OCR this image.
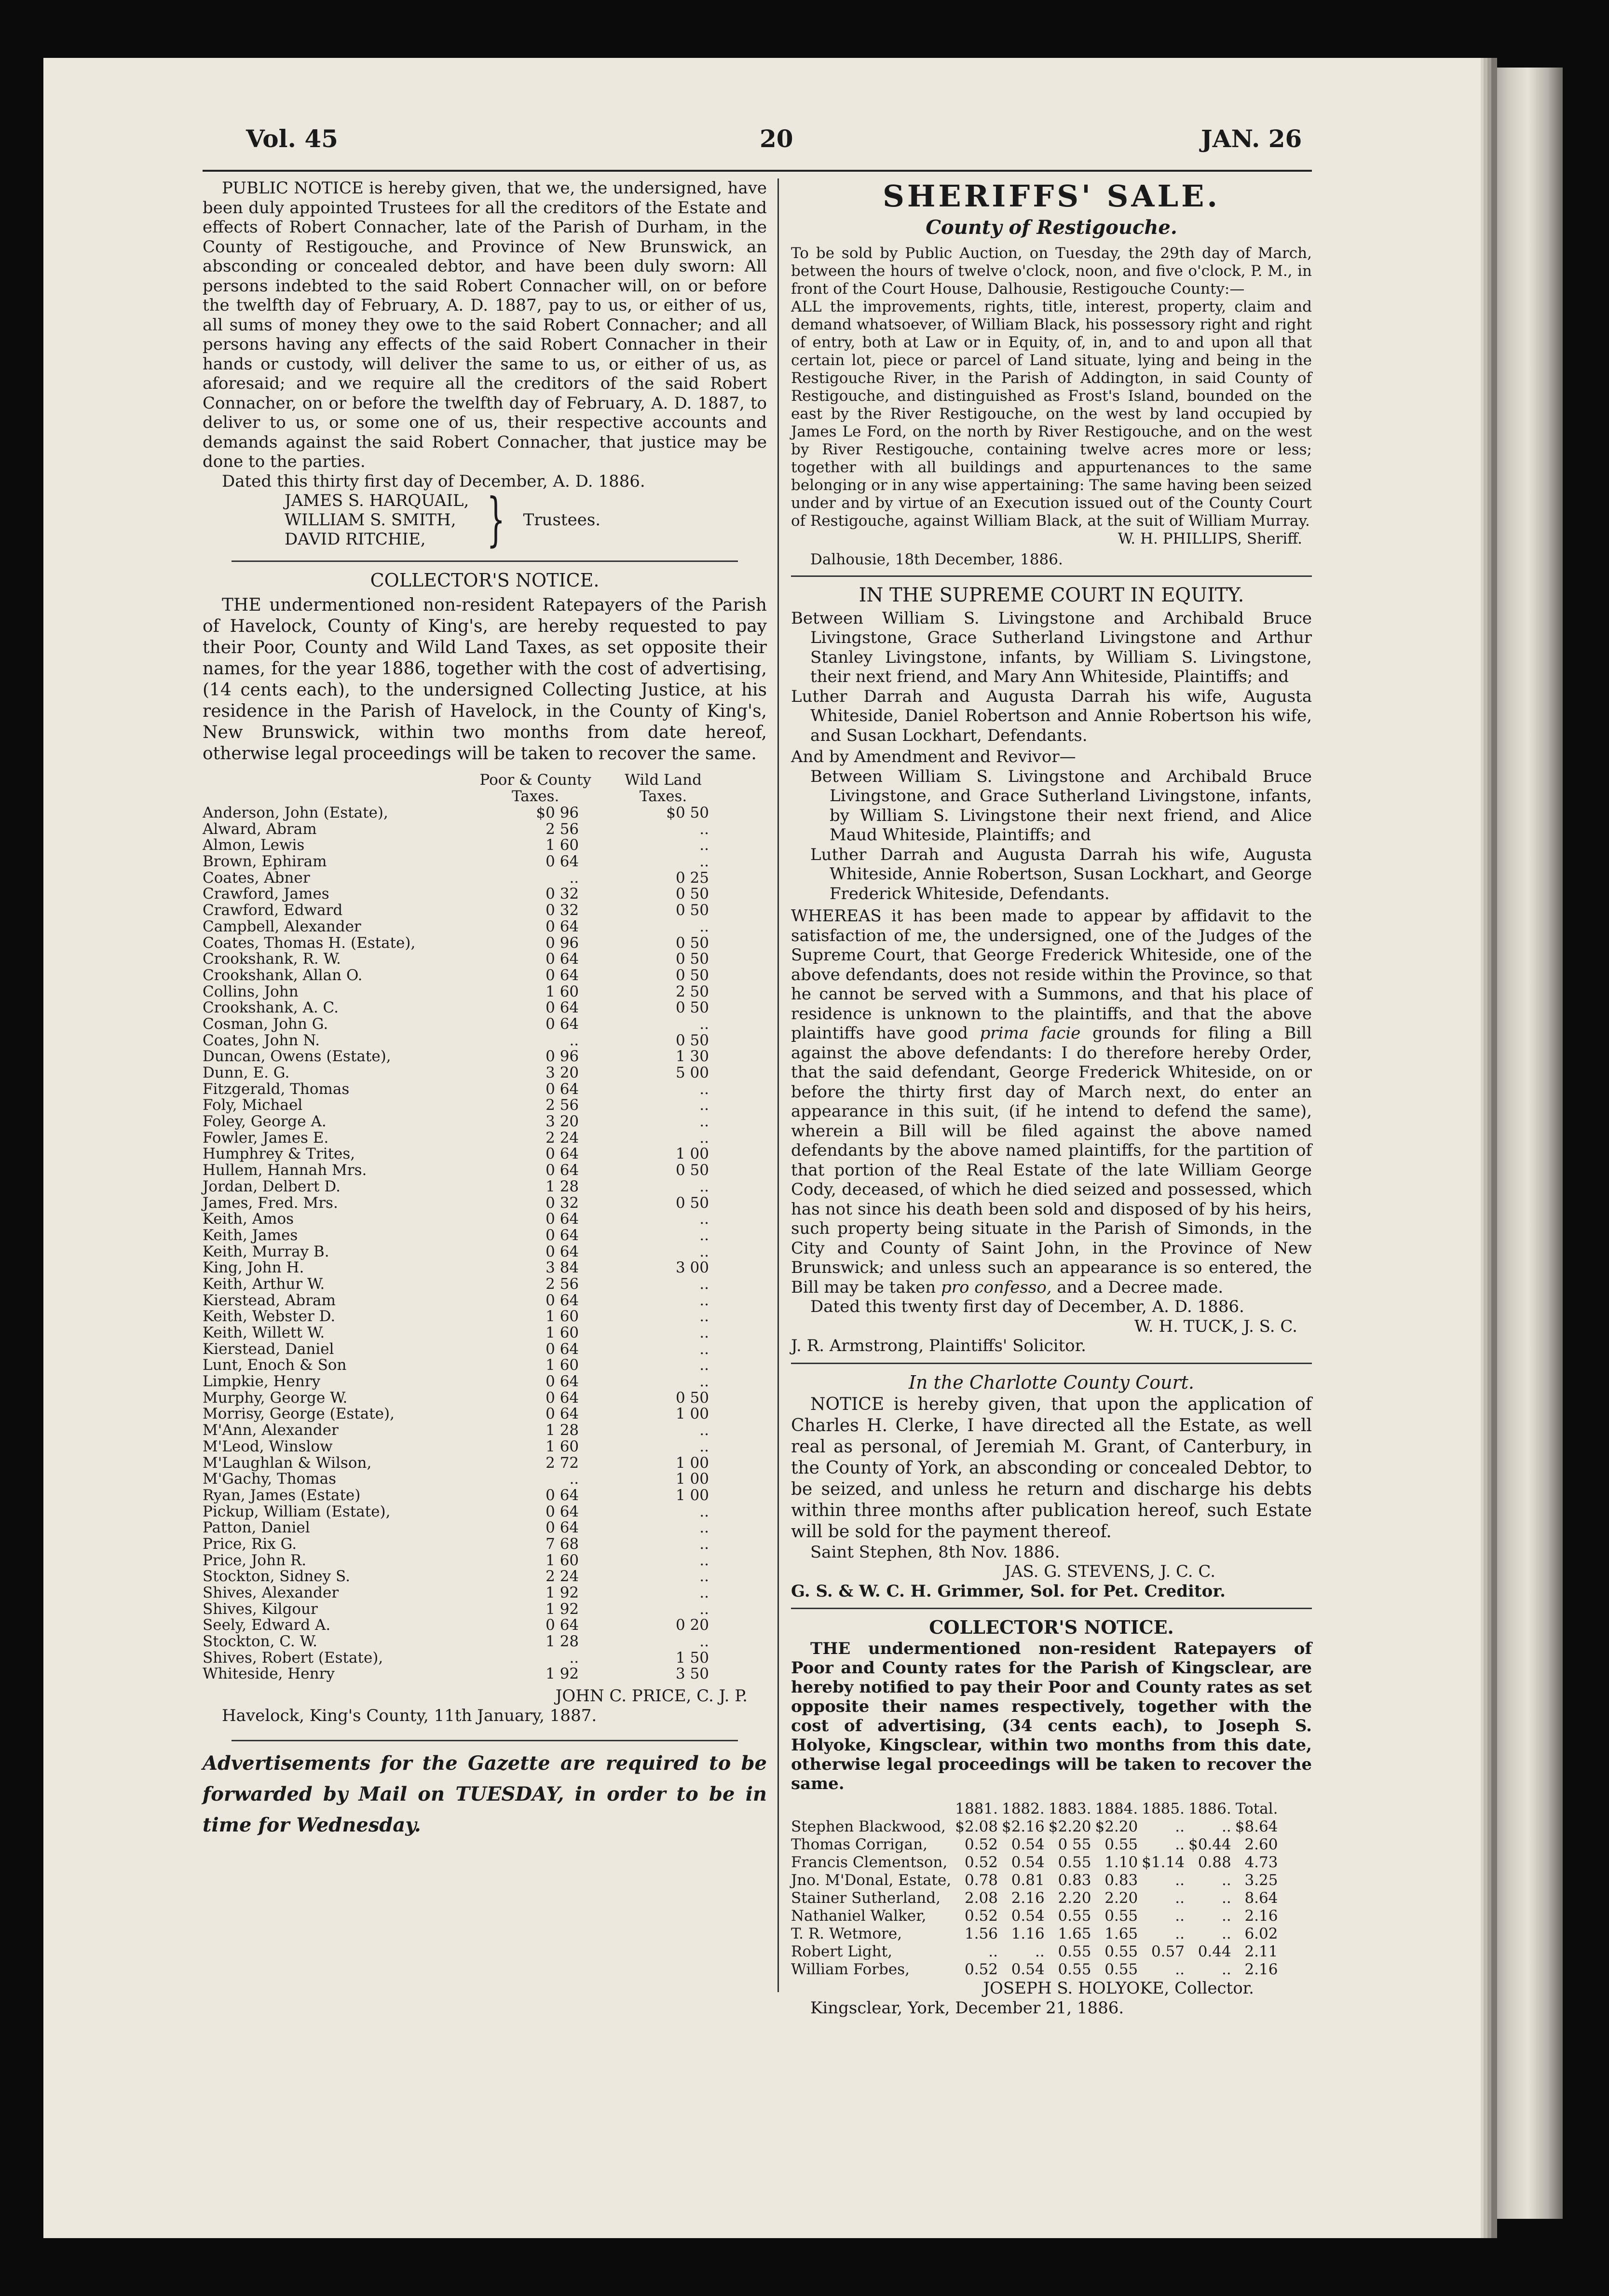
Vol. 45	20	JAN. 26

PUBLIC NOTICE is hereby given, that we, the undersigned, have been duly appointed Trustees for all the creditors of the Estate and effects of Robert Connacher, late of the Parish of Durham, in the County of Restigouche, and Province of New Brunswick, an absconding or concealed debtor, and have been duly sworn: All persons indebted to the said Robert Connacher will, on or before the twelfth day of February, A. D. 1887, pay to us, or either of us, all sums of money they owe to the said Robert Connacher; and all persons having any effects of the said Robert Connacher in their hands or custody, will deliver the same to us, or either of us, as aforesaid; and we require all the creditors of the said Robert Connacher, on or before the twelfth day of February, A. D. 1887, to deliver to us, or some one of us, their respective accounts and demands against the said Robert Connacher, that justice may be done to the parties.

Dated this thirty first day of December, A. D. 1886.

JAMES S. HARQUAIL,
WILLIAM S. SMITH,
DAVID RITCHIE,	} Trustees.
COLLECTOR'S NOTICE.

THE undermentioned non-resident Ratepayers of the Parish of Havelock, County of King's, are hereby requested to pay their Poor, County and Wild Land Taxes, as set opposite their names, for the year 1886, together with the cost of advertising, (14 cents each), to the undersigned Collecting Justice, at his residence in the Parish of Havelock, in the County of King's, New Brunswick, within two months from date hereof, otherwise legal proceedings will be taken to recover the same.

	Poor & County Taxes.	Wild Land Taxes.
Anderson, John (Estate),	$0 96	$0 50
Alward, Abram	2 56	..
Almon, Lewis	1 60	..
Brown, Ephiram	0 64	..
Coates, Abner	..	0 25
Crawford, James	0 32	0 50
Crawford, Edward	0 32	0 50
Campbell, Alexander	0 64	..
Coates, Thomas H. (Estate),	0 96	0 50
Crookshank, R. W.	0 64	0 50
Crookshank, Allan O.	0 64	0 50
Collins, John	1 60	2 50
Crookshank, A. C.	0 64	0 50
Cosman, John G.	0 64	..
Coates, John N.	..	0 50
Duncan, Owens (Estate),	0 96	1 30
Dunn, E. G.	3 20	5 00
Fitzgerald, Thomas	0 64	..
Foly, Michael	2 56	..
Foley, George A.	3 20	..
Fowler, James E.	2 24	..
Humphrey & Trites,	0 64	1 00
Hullem, Hannah Mrs.	0 64	0 50
Jordan, Delbert D.	1 28	..
James, Fred. Mrs.	0 32	0 50
Keith, Amos	0 64	..
Keith, James	0 64	..
Keith, Murray B.	0 64	..
King, John H.	3 84	3 00
Keith, Arthur W.	2 56	..
Kierstead, Abram	0 64	..
Keith, Webster D.	1 60	..
Keith, Willett W.	1 60	..
Kierstead, Daniel	0 64	..
Lunt, Enoch & Son	1 60	..
Limpkie, Henry	0 64	..
Murphy, George W.	0 64	0 50
Morrisy, George (Estate),	0 64	1 00
M'Ann, Alexander	1 28	..
M'Leod, Winslow	1 60	..
M'Laughlan & Wilson,	2 72	1 00
M'Gachy, Thomas	..	1 00
Ryan, James (Estate)	0 64	1 00
Pickup, William (Estate),	0 64	..
Patton, Daniel	0 64	..
Price, Rix G.	7 68	..
Price, John R.	1 60	..
Stockton, Sidney S.	2 24	..
Shives, Alexander	1 92	..
Shives, Kilgour	1 92	..
Seely, Edward A.	0 64	0 20
Stockton, C. W.	1 28	..
Shives, Robert (Estate),	..	1 50
Whiteside, Henry	1 92	3 50
JOHN C. PRICE, C. J. P.

Havelock, King's County, 11th January, 1887.

Advertisements for the Gazette are required to be forwarded by Mail on TUESDAY, in order to be in time for Wednesday.

SHERIFFS' SALE.
County of Restigouche.

To be sold by Public Auction, on Tuesday, the 29th day of March, between the hours of twelve o'clock, noon, and five o'clock, P. M., in front of the Court House, Dalhousie, Restigouche County:—

ALL the improvements, rights, title, interest, property, claim and demand whatsoever, of William Black, his possessory right and right of entry, both at Law or in Equity, of, in, and to and upon all that certain lot, piece or parcel of Land situate, lying and being in the Restigouche River, in the Parish of Addington, in said County of Restigouche, and distinguished as Frost's Island, bounded on the east by the River Restigouche, on the west by land occupied by James Le Ford, on the north by River Restigouche, and on the west by River Restigouche, containing twelve acres more or less; together with all buildings and appurtenances to the same belonging or in any wise appertaining: The same having been seized under and by virtue of an Execution issued out of the County Court of Restigouche, against William Black, at the suit of William Murray.

W. H. PHILLIPS, Sheriff.

Dalhousie, 18th December, 1886.

IN THE SUPREME COURT IN EQUITY.

Between William S. Livingstone and Archibald Bruce Livingstone, Grace Sutherland Livingstone and Arthur Stanley Livingstone, infants, by William S. Livingstone, their next friend, and Mary Ann Whiteside, Plaintiffs; and

Luther Darrah and Augusta Darrah his wife, Augusta Whiteside, Daniel Robertson and Annie Robertson his wife, and Susan Lockhart, Defendants.

And by Amendment and Revivor—

Between William S. Livingstone and Archibald Bruce Livingstone, and Grace Sutherland Livingstone, infants, by William S. Livingstone their next friend, and Alice Maud Whiteside, Plaintiffs; and

Luther Darrah and Augusta Darrah his wife, Augusta Whiteside, Annie Robertson, Susan Lockhart, and George Frederick Whiteside, Defendants.

WHEREAS it has been made to appear by affidavit to the satisfaction of me, the undersigned, one of the Judges of the Supreme Court, that George Frederick Whiteside, one of the above defendants, does not reside within the Province, so that he cannot be served with a Summons, and that his place of residence is unknown to the plaintiffs, and that the above plaintiffs have good prima facie grounds for filing a Bill against the above defendants: I do therefore hereby Order, that the said defendant, George Frederick Whiteside, on or before the thirty first day of March next, do enter an appearance in this suit, (if he intend to defend the same), wherein a Bill will be filed against the above named defendants by the above named plaintiffs, for the partition of that portion of the Real Estate of the late William George Cody, deceased, of which he died seized and possessed, which has not since his death been sold and disposed of by his heirs, such property being situate in the Parish of Simonds, in the City and County of Saint John, in the Province of New Brunswick; and unless such an appearance is so entered, the Bill may be taken pro confesso, and a Decree made.

Dated this twenty first day of December, A. D. 1886.

W. H. TUCK, J. S. C.

J. R. Armstrong, Plaintiffs' Solicitor.

In the Charlotte County Court.

NOTICE is hereby given, that upon the application of Charles H. Clerke, I have directed all the Estate, as well real as personal, of Jeremiah M. Grant, of Canterbury, in the County of York, an absconding or concealed Debtor, to be seized, and unless he return and discharge his debts within three months after publication hereof, such Estate will be sold for the payment thereof.

Saint Stephen, 8th Nov. 1886.

JAS. G. STEVENS, J. C. C.

G. S. & W. C. H. Grimmer, Sol. for Pet. Creditor.

COLLECTOR'S NOTICE.

THE undermentioned non-resident Ratepayers of Poor and County rates for the Parish of Kingsclear, are hereby notified to pay their Poor and County rates as set opposite their names respectively, together with the cost of advertising, (34 cents each), to Joseph S. Holyoke, Kingsclear, within two months from this date, otherwise legal proceedings will be taken to recover the same.

	1881.	1882.	1883.	1884.	1885.	1886.	Total.
Stephen Blackwood,	$2.08	$2.16	$2.20	$2.20	..	..	$8.64
Thomas Corrigan,	0.52	0.54	0 55	0.55	..	$0.44	2.60
Francis Clementson,	0.52	0.54	0.55	1.10	$1.14	0.88	4.73
Jno. M'Donal, Estate,	0.78	0.81	0.83	0.83	..	..	3.25
Stainer Sutherland,	2.08	2.16	2.20	2.20	..	..	8.64
Nathaniel Walker,	0.52	0.54	0.55	0.55	..	..	2.16
T. R. Wetmore,	1.56	1.16	1.65	1.65	..	..	6.02
Robert Light,	..	..	0.55	0.55	0.57	0.44	2.11
William Forbes,	0.52	0.54	0.55	0.55	..	..	2.16
JOSEPH S. HOLYOKE, Collector.

Kingsclear, York, December 21, 1886.
